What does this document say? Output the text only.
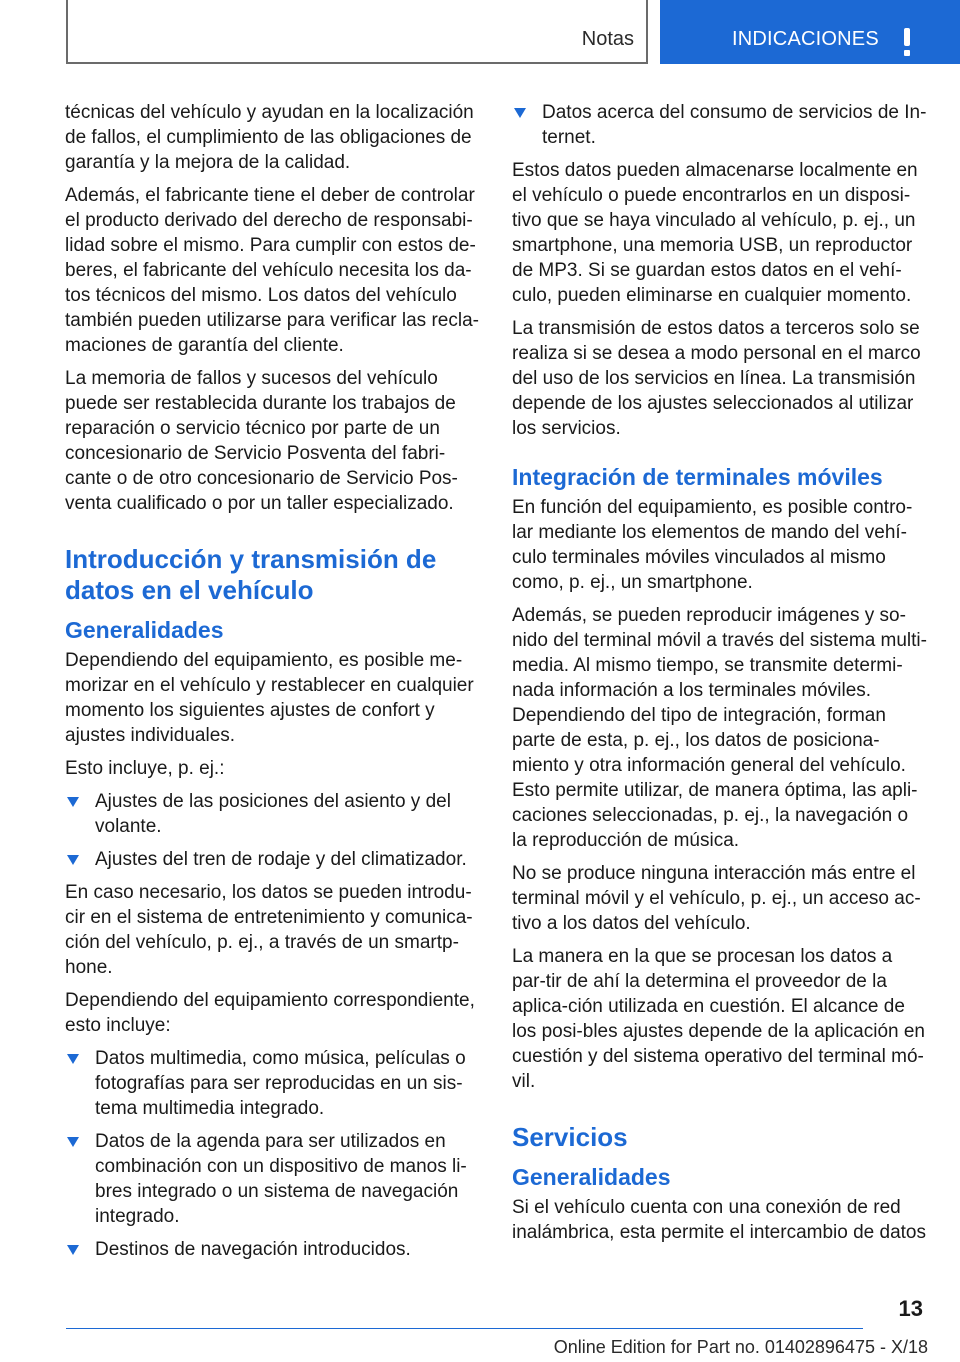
Notas	INDICACIONES

técnicas del vehículo y ayudan en la localización de fallos, el cumplimiento de las obligaciones de garantía y la mejora de la calidad.

Además, el fabricante tiene el deber de controlar el producto derivado del derecho de responsabi-lidad sobre el mismo. Para cumplir con estos de-beres, el fabricante del vehículo necesita los da-tos técnicos del mismo. Los datos del vehículo también pueden utilizarse para verificar las recla-maciones de garantía del cliente.

La memoria de fallos y sucesos del vehículo puede ser restablecida durante los trabajos de reparación o servicio técnico por parte de un concesionario de Servicio Posventa del fabri-cante o de otro concesionario de Servicio Pos-venta cualificado o por un taller especializado.

Introducción y transmisión de datos en el vehículo
Generalidades

Dependiendo del equipamiento, es posible me-morizar en el vehículo y restablecer en cualquier momento los siguientes ajustes de confort y ajustes individuales.

Esto incluye, p. ej.:

Ajustes de las posiciones del asiento y del volante.
Ajustes del tren de rodaje y del climatizador.

En caso necesario, los datos se pueden introdu-cir en el sistema de entretenimiento y comunica-ción del vehículo, p. ej., a través de un smartp-hone.

Dependiendo del equipamiento correspondiente, esto incluye:

Datos multimedia, como música, películas o fotografías para ser reproducidas en un sis-tema multimedia integrado.
Datos de la agenda para ser utilizados en combinación con un dispositivo de manos li-bres integrado o un sistema de navegación integrado.
Destinos de navegación introducidos.
Datos acerca del consumo de servicios de In-ternet.

Estos datos pueden almacenarse localmente en el vehículo o puede encontrarlos en un disposi-tivo que se haya vinculado al vehículo, p. ej., un smartphone, una memoria USB, un reproductor de MP3. Si se guardan estos datos en el vehí-culo, pueden eliminarse en cualquier momento.

La transmisión de estos datos a terceros solo se realiza si se desea a modo personal en el marco del uso de los servicios en línea. La transmisión depende de los ajustes seleccionados al utilizar los servicios.

Integración de terminales móviles

En función del equipamiento, es posible contro-lar mediante los elementos de mando del vehí-culo terminales móviles vinculados al mismo como, p. ej., un smartphone.

Además, se pueden reproducir imágenes y so-nido del terminal móvil a través del sistema multi-media. Al mismo tiempo, se transmite determi-nada información a los terminales móviles. Dependiendo del tipo de integración, forman parte de esta, p. ej., los datos de posiciona-miento y otra información general del vehículo. Esto permite utilizar, de manera óptima, las apli-caciones seleccionadas, p. ej., la navegación o la reproducción de música.

No se produce ninguna interacción más entre el terminal móvil y el vehículo, p. ej., un acceso ac-tivo a los datos del vehículo.

La manera en la que se procesan los datos a par-tir de ahí la determina el proveedor de la aplica-ción utilizada en cuestión. El alcance de los posi-bles ajustes depende de la aplicación en cuestión y del sistema operativo del terminal mó-vil.

Servicios
Generalidades

Si el vehículo cuenta con una conexión de red inalámbrica, esta permite el intercambio de datos

13
Online Edition for Part no. 01402896475 - X/18
